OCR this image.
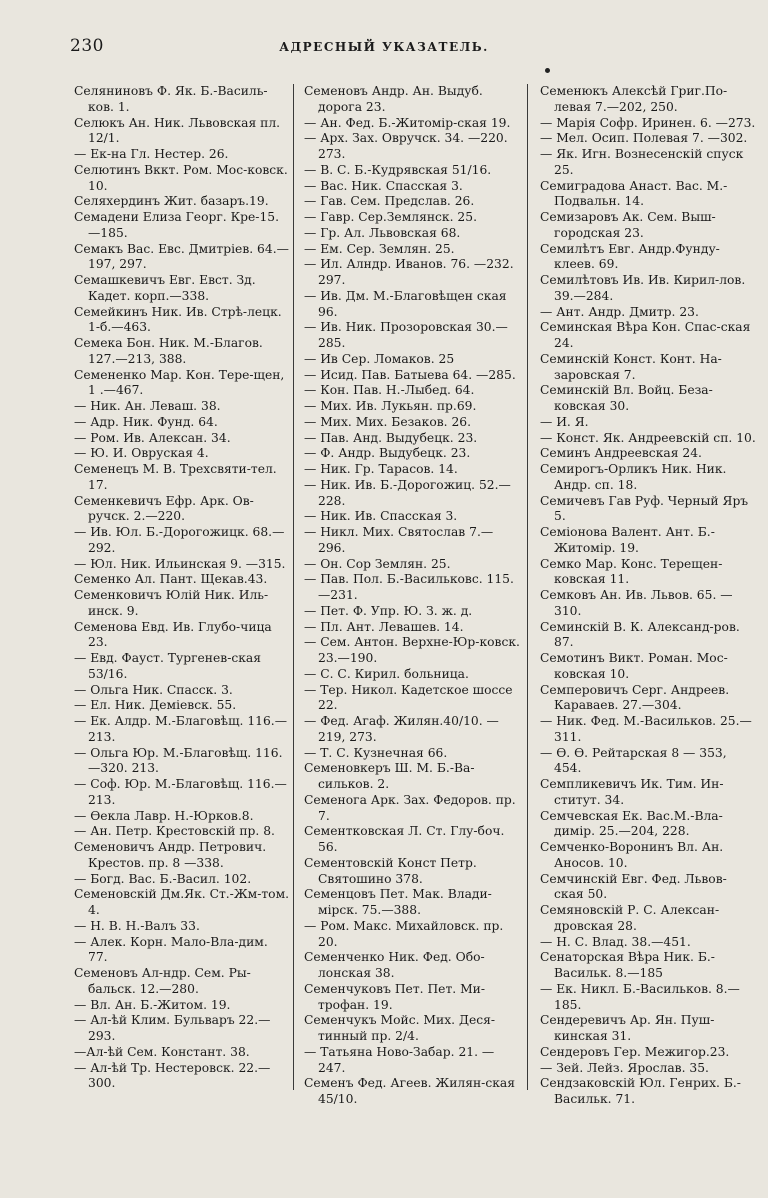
230	АДРЕСНЫЙ УКАЗАТЕЛЬ.
Селяниновъ Ф. Як. Б.-Василь-ков. 1.
Селюкъ Ан. Ник. Львовская пл. 12/1.
— Ек-на Гл. Нестер. 26.
Селютинъ Вккт. Ром. Мос-ковск. 10.
Селяхердинъ Жит. базаръ.19.
Семадени Елиза Георг. Кре-15.—185.
Семакъ Вас. Евс. Дмитріев. 64.—197, 297.
Семашкевичъ Евг. Евст. Зд. Кадет. корп.—338.
Семейкинъ Ник. Ив. Стрѣ-лецк. 1-б.—463.
Семека Бон. Ник. М.-Благов. 127.—213, 388.
Семененко Мар. Кон. Тере-щен, 1 .—467.
— Ник. Ан. Леваш. 38.
— Адр. Ник. Фунд. 64.
— Ром. Ив. Алексан. 34.
— Ю. И. Овруская 4.
Семенецъ М. В. Трехсвяти-тел. 17.
Семенкевичъ Ефр. Арк. Ов-ручск. 2.—220.
— Ив. Юл. Б.-Дорогожицк. 68.—292.
— Юл. Ник. Ильинская 9. —315.
Семенко Ал. Пант. Щекав.43.
Семенковичъ Юлій Ник. Иль-инск. 9.
Семенова Евд. Ив. Глубо-чица 23.
— Евд. Фауст. Тургенев-ская 53/16.
— Ольга Ник. Спасск. 3.
— Ел. Ник. Деміевск. 55.
— Ек. Алдр. М.-Благовѣщ. 116.—213.
— Ольга Юр. М.-Благовѣщ. 116.—320. 213.
— Соф. Юр. М.-Благовѣщ. 116.—213.
— Ѳекла Лавр. Н.-Юрков.8.
— Ан. Петр. Крестовскій пр. 8.
Семеновичъ Андр. Петрович. Крестов. пр. 8 —338.
— Богд. Вас. Б.-Васил. 102.
Семеновскій Дм.Як. Ст.-Жм-том. 4.
— Н. В. Н.-Валъ 33.
— Алек. Корн. Мало-Вла-дим. 77.
Семеновъ Ал-ндр. Сем. Ры-бальск. 12.—280.
— Вл. Ан. Б.-Житом. 19.
— Ал-ѣй Клим. Бульваръ 22.—293.
—Ал-ѣй Сем. Констант. 38.
— Ал-ѣй Тр. Нестеровск. 22.—300.
Семеновъ Андр. Ан. Выдуб. дорога 23.
— Ан. Фед. Б.-Житомір-ская 19.
— Арх. Зах. Овручск. 34. —220. 273.
— В. С. Б.-Кудрявская 51/16.
— Вас. Ник. Спасская 3.
— Гав. Сем. Предслав. 26.
— Гавр. Сер.Землянск. 25.
— Гр. Ал. Львовская 68.
— Ем. Сер. Землян. 25.
— Ил. Алндр. Иванов. 76. —232. 297.
— Ив. Дм. М.-Благовѣщен ская 96.
— Ив. Ник. Прозоровская 30.—285.
— Ив Сер. Ломаков. 25
— Исид. Пав. Батыева 64. —285.
— Кон. Пав. Н.-Лыбед. 64.
— Мих. Ив. Лукьян. пр.69.
— Мих. Мих. Безаков. 26.
— Пав. Анд. Выдубецк. 23.
— Ф. Андр. Выдубецк. 23.
— Ник. Гр. Тарасов. 14.
— Ник. Ив. Б.-Дорогожиц. 52.—228.
— Ник. Ив. Спасская 3.
— Никл. Мих. Святослав 7.—296.
— Он. Сор Землян. 25.
— Пав. Пол. Б.-Васильковс. 115.—231.
— Пет. Ф. Упр. Ю. З. ж. д.
— Пл. Ант. Левашев. 14.
— Сем. Антон. Верхне-Юр-ковск. 23.—190.
— С. С. Кирил. больница.
— Тер. Никол. Кадетское шоссе 22.
— Фед. Агаф. Жилян.40/10. —219, 273.
— Т. С. Кузнечная 66.
Семеновкеръ Ш. М. Б.-Ва-сильков. 2.
Семенога Арк. Зах. Федоров. пр. 7.
Сементковская Л. Ст. Глу-боч. 56.
Сементовскій Конст Петр. Святошино 378.
Семенцовъ Пет. Мак. Влади-мірск. 75.—388.
— Ром. Макс. Михайловск. пр. 20.
Семенченко Ник. Фед. Обо-лонская 38.
Семенчуковъ Пет. Пет. Ми-трофан. 19.
Семенчукъ Мойс. Мих. Деся-тинный пр. 2/4.
— Татьяна Ново-Забар. 21. —247.
Семенъ Фед. Агеев. Жилян-ская 45/10.
Семенюкъ Алексѣй Григ.По-левая 7.—202, 250.
— Марія Софр. Иринен. 6. —273.
— Мел. Осип. Полевая 7. —302.
— Як. Игн. Вознесенскій спуск 25.
Семиградова Анаст. Вас. М.-Подвальн. 14.
Семизаровъ Ак. Сем. Выш-городская 23.
Семилѣтъ Евг. Андр.Фунду-клеев. 69.
Семилѣтовъ Ив. Ив. Кирил-лов. 39.—284.
— Ант. Андр. Дмитр. 23.
Семинская Вѣра Кон. Спас-ская 24.
Семинскій Конст. Конт. На-заровская 7.
Семинскій Вл. Войц. Беза-ковская 30.
— И. Я.
— Конст. Як. Андреевскій сп. 10.
Семинъ Андреевская 24.
Семирогъ-Орликъ Ник. Ник. Андр. сп. 18.
Семичевъ Гав Руф. Черный Яръ 5.
Семіонова Валент. Ант. Б.-Житомір. 19.
Семко Мар. Конс. Терещен-ковская 11.
Семковъ Ан. Ив. Львов. 65. —310.
Семинскій В. К. Александ-ров. 87.
Семотинъ Викт. Роман. Мос-ковская 10.
Семперовичъ Серг. Андреев. Караваев. 27.—304.
— Ник. Фед. М.-Васильков. 25.—311.
— Ѳ. Ѳ. Рейтарская 8 — 353, 454.
Семпликевичъ Ик. Тим. Ин-ститут. 34.
Семчевская Ек. Вас.М.-Вла-димір. 25.—204, 228.
Семченко-Воронинъ Вл. Ан. Аносов. 10.
Семчинскій Евг. Фед. Львов-ская 50.
Семяновскій Р. С. Алексан-дровская 28.
— Н. С. Влад. 38.—451.
Сенаторская Вѣра Ник. Б.-Васильк. 8.—185
— Ек. Никл. Б.-Васильков. 8.—185.
Сендеревичъ Ар. Ян. Пуш-кинская 31.
Сендеровъ Гер. Межигор.23.
— Зей. Лейз. Ярослав. 35.
Сендзаковскій Юл. Генрих. Б.-Васильк. 71.
